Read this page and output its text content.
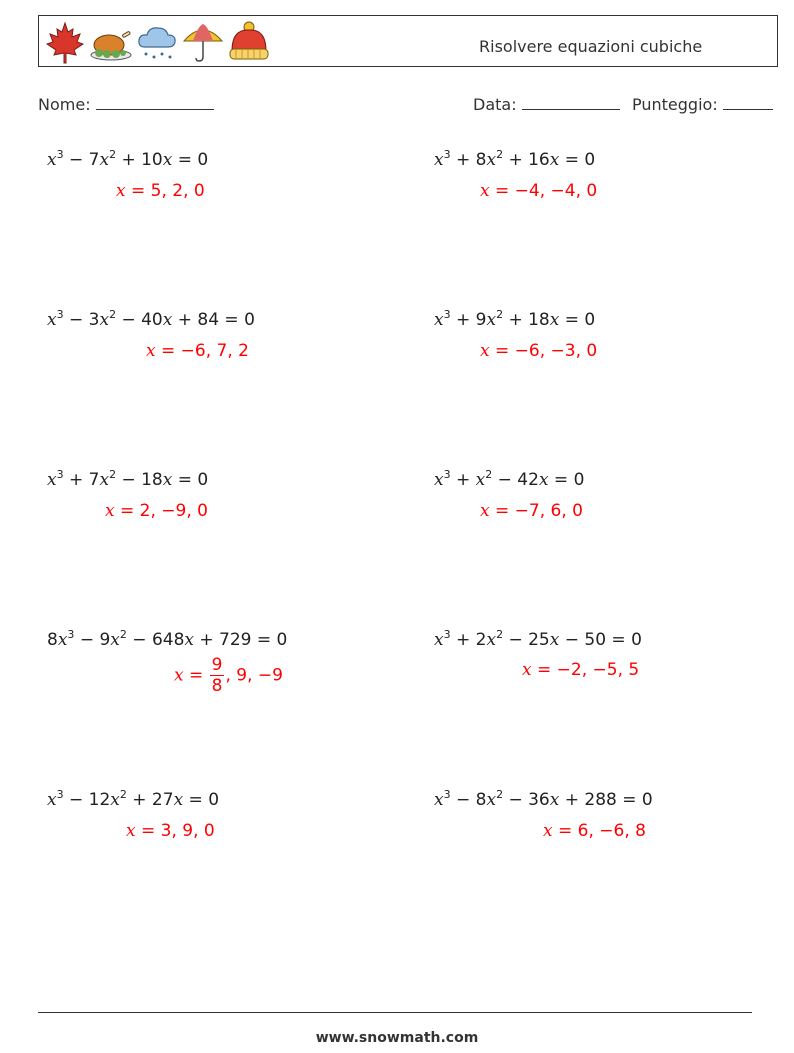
Risolvere equazioni cubiche
Nome:	Data:	Punteggio:
$x^3 - 7x^2 + 10x = 0$
x = 5, 2, 0
$x^3 + 8x^2 + 16x = 0$
x = −4, −4, 0
$x^3 - 3x^2 - 40x + 84 = 0$
x = −6, 7, 2
$x^3 + 9x^2 + 18x = 0$
x = −6, −3, 0
$x^3 + 7x^2 - 18x = 0$
x = 2, −9, 0
$x^3 + x^2 - 42x = 0$
x = −7, 6, 0
$8x^3 - 9x^2 - 648x + 729 = 0$
$x = \frac{9}{8}$ , 9, −9
$x^3 + 2x^2 - 25x - 50 = 0$
x = −2, −5, 5
$x^3 - 12x^2 + 27x = 0$
x = 3, 9, 0
$x^3 - 8x^2 - 36x + 288 = 0$
x = 6, −6, 8
www.snowmath.com
